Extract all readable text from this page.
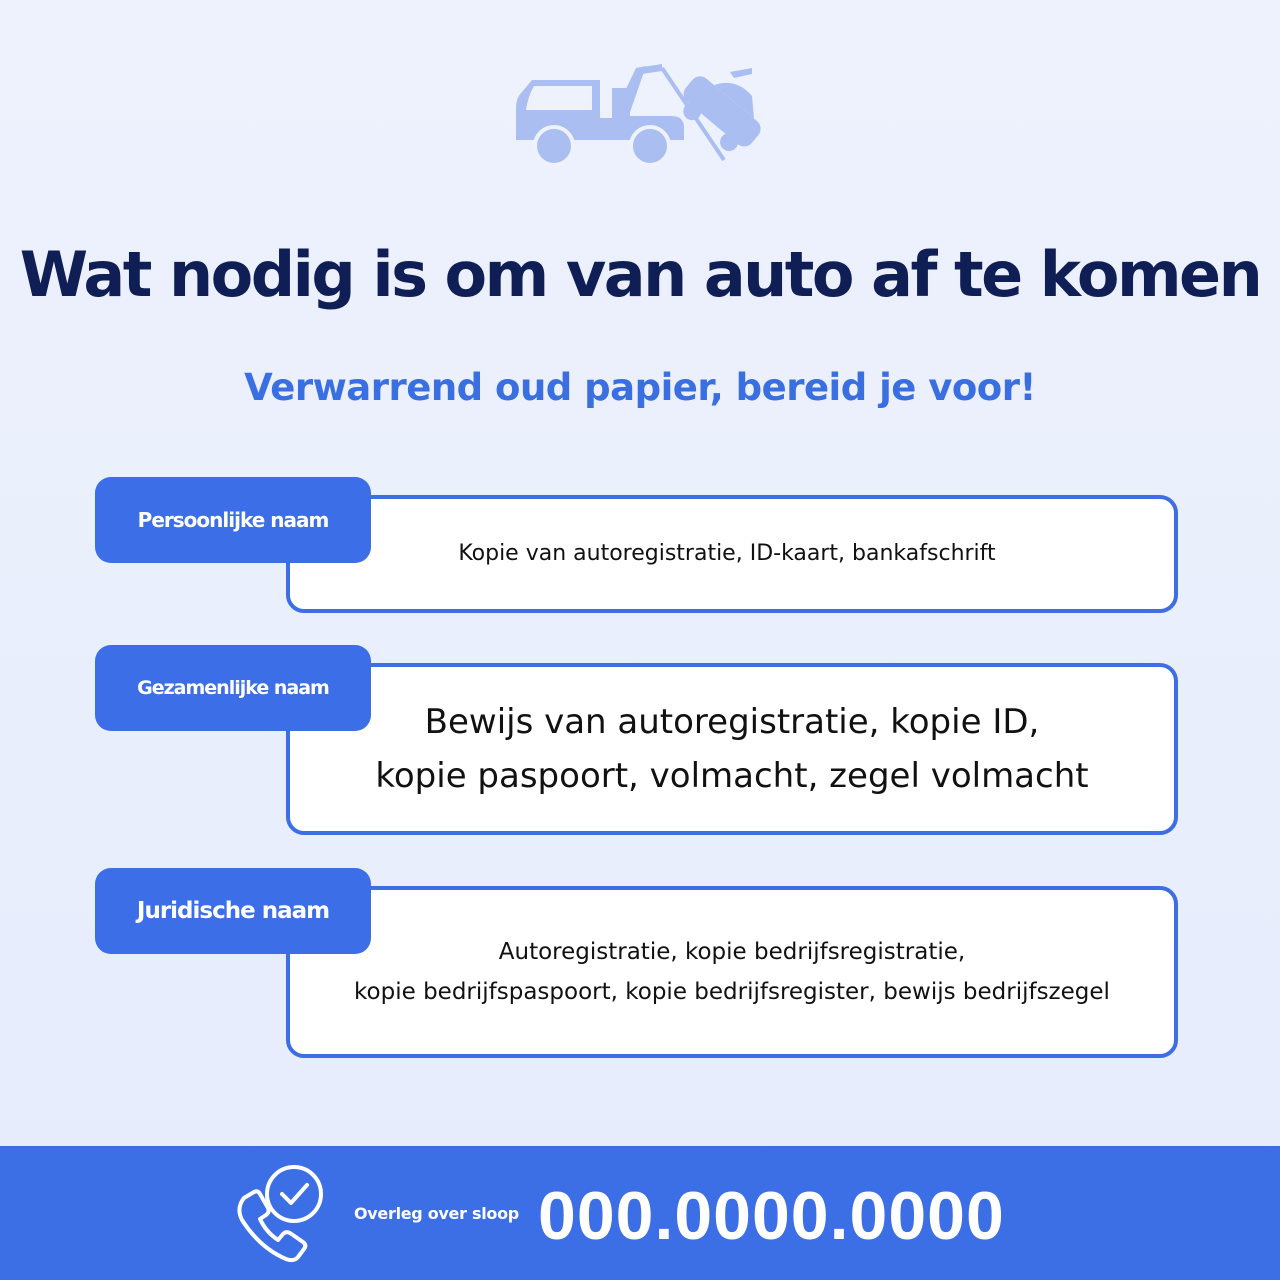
Wat nodig is om van auto af te komen
Verwarrend oud papier, bereid je voor!
Kopie van autoregistratie, ID-kaart, bankafschrift
Persoonlijke naam
Bewijs van autoregistratie, kopie ID,
kopie paspoort, volmacht, zegel volmacht
Gezamenlijke naam
Autoregistratie, kopie bedrijfsregistratie,
kopie bedrijfspaspoort, kopie bedrijfsregister, bewijs bedrijfszegel
Juridische naam
Overleg over sloop 000.0000.0000
